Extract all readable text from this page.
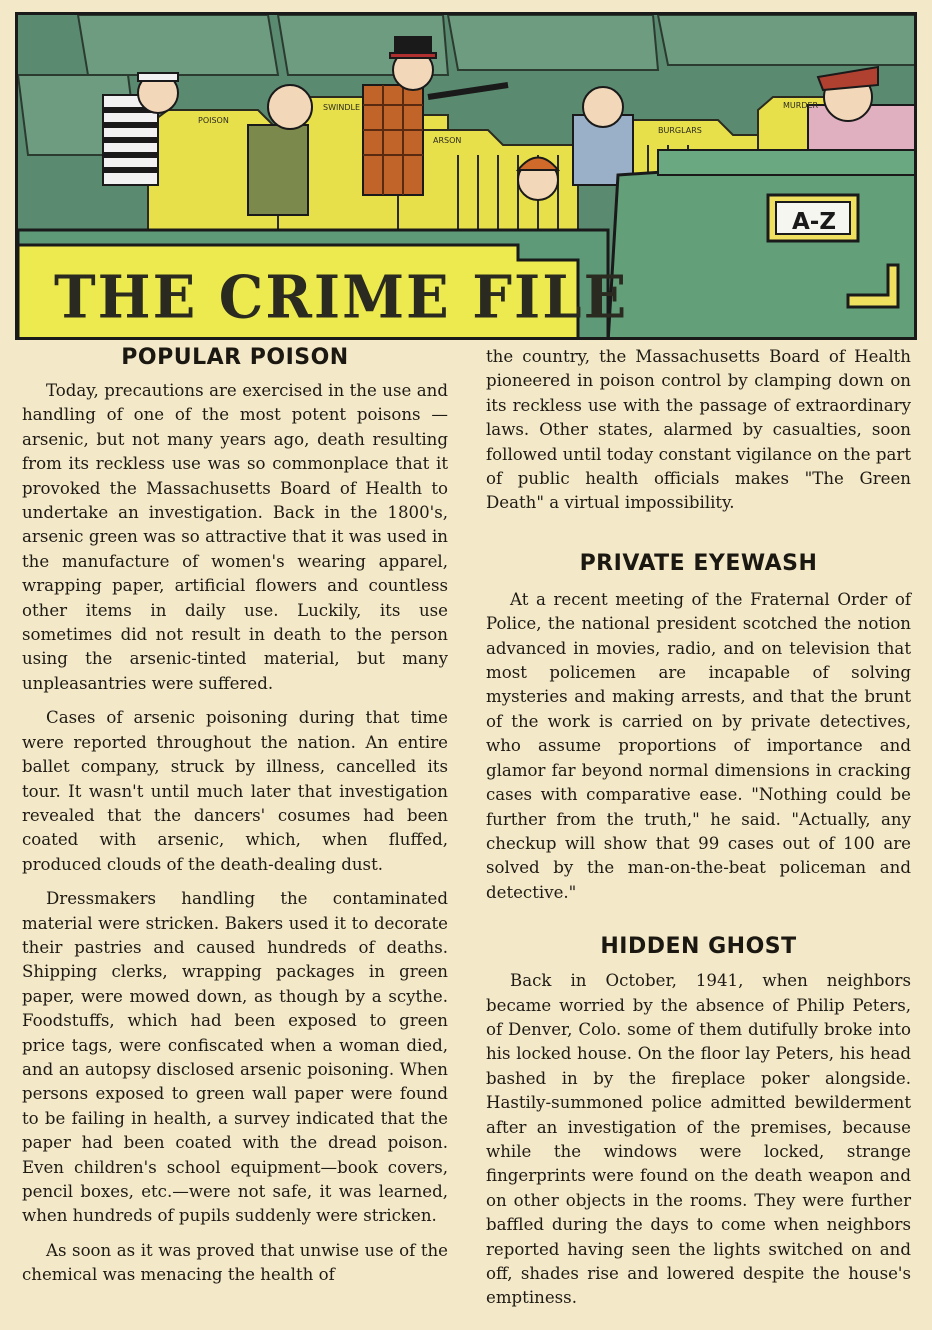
POISON
SWINDLE
ARSON
BURGLARS
MURDER
A-Z
THE CRIME FILE
POPULAR POISON

Today, precautions are exercised in the use and handling of one of the most potent poisons —arsenic, but not many years ago, death resulting from its reckless use was so commonplace that it provoked the Massachusetts Board of Health to undertake an investigation. Back in the 1800's, arsenic green was so attractive that it was used in the manufacture of women's wearing apparel, wrapping paper, artificial flowers and countless other items in daily use. Luckily, its use sometimes did not result in death to the person using the arsenic-tinted material, but many unpleasantries were suffered.

Cases of arsenic poisoning during that time were reported throughout the nation. An entire ballet company, struck by illness, cancelled its tour. It wasn't until much later that investigation revealed that the dancers' cosumes had been coated with arsenic, which, when fluffed, produced clouds of the death-dealing dust.

Dressmakers handling the contaminated material were stricken. Bakers used it to decorate their pastries and caused hundreds of deaths. Shipping clerks, wrapping packages in green paper, were mowed down, as though by a scythe. Foodstuffs, which had been exposed to green price tags, were confiscated when a woman died, and an autopsy disclosed arsenic poisoning. When persons exposed to green wall paper were found to be failing in health, a survey indicated that the paper had been coated with the dread poison. Even children's school equipment—book covers, pencil boxes, etc.—were not safe, it was learned, when hundreds of pupils suddenly were stricken.

As soon as it was proved that unwise use of the chemical was menacing the health of

the country, the Massachusetts Board of Health pioneered in poison control by clamping down on its reckless use with the passage of extraordinary laws. Other states, alarmed by casualties, soon followed until today constant vigilance on the part of public health officials makes "The Green Death" a virtual impossibility.

PRIVATE EYEWASH

At a recent meeting of the Fraternal Order of Police, the national president scotched the notion advanced in movies, radio, and on television that most policemen are incapable of solving mysteries and making arrests, and that the brunt of the work is carried on by private detectives, who assume proportions of importance and glamor far beyond normal dimensions in cracking cases with comparative ease. "Nothing could be further from the truth," he said. "Actually, any checkup will show that 99 cases out of 100 are solved by the man-on-the-beat policeman and detective."

HIDDEN GHOST

Back in October, 1941, when neighbors became worried by the absence of Philip Peters, of Denver, Colo. some of them dutifully broke into his locked house. On the floor lay Peters, his head bashed in by the fireplace poker alongside. Hastily-summoned police admitted bewilderment after an investigation of the premises, because while the windows were locked, strange fingerprints were found on the death weapon and on other objects in the rooms. They were further baffled during the days to come when neighbors reported having seen the lights switched on and off, shades rise and lowered despite the house's emptiness.
